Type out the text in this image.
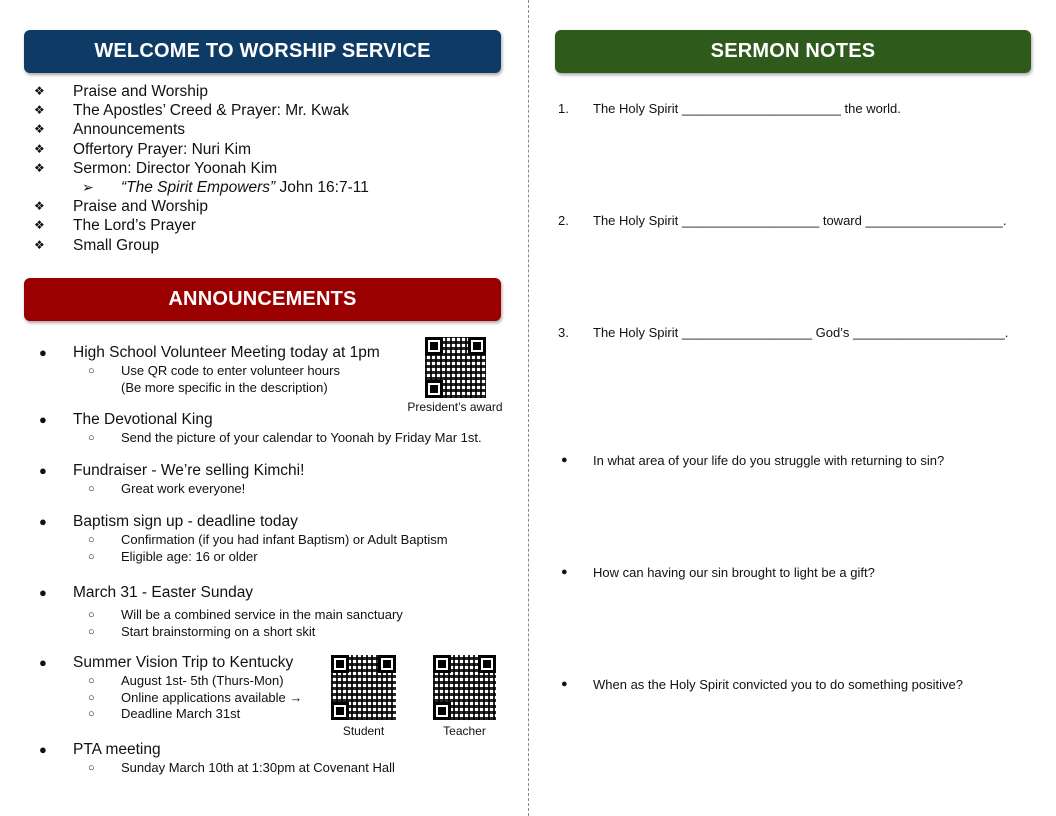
WELCOME TO WORSHIP SERVICE
❖ Praise and Worship
❖ The Apostles’ Creed & Prayer: Mr. Kwak
❖ Announcements
❖ Offertory Prayer: Nuri Kim
❖ Sermon: Director Yoonah Kim
➢ “The Spirit Empowers” John 16:7-11
❖ Praise and Worship
❖ The Lord’s Prayer
❖ Small Group
ANNOUNCEMENTS
● High School Volunteer Meeting today at 1pm
○ Use QR code to enter volunteer hours
(Be more specific in the description)
● The Devotional King
○ Send the picture of your calendar to Yoonah by Friday Mar 1st.
● Fundraiser - We’re selling Kimchi!
○ Great work everyone!
● Baptism sign up - deadline today
○ Confirmation (if you had infant Baptism) or Adult Baptism
○ Eligible age: 16 or older
● March 31 - Easter Sunday
○ Will be a combined service in the main sanctuary
○ Start brainstorming on a short skit
● Summer Vision Trip to Kentucky
○ August 1st- 5th (Thurs-Mon)
○ Online applications available →
○ Deadline March 31st
● PTA meeting
○ Sunday March 10th at 1:30pm at Covenant Hall
President’s award
Student	Teacher
SERMON NOTES
1. The Holy Spirit ______________________ the world.
2. The Holy Spirit ___________________ toward ___________________.
3. The Holy Spirit __________________ God’s _____________________.
● In what area of your life do you struggle with returning to sin?
● How can having our sin brought to light be a gift?
● When as the Holy Spirit convicted you to do something positive?
